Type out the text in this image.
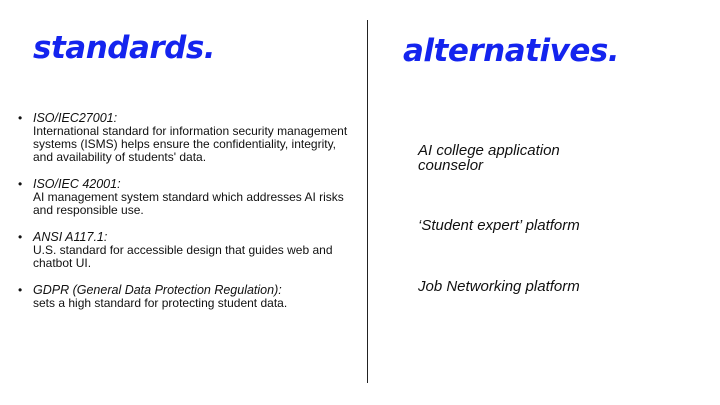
standards.	alternatives.
• ISO/IEC27001:
International standard for information security management systems (ISMS) helps ensure the confidentiality, integrity, and availability of students' data.
• ISO/IEC 42001:
AI management system standard which addresses AI risks and responsible use.
• ANSI A117.1:
U.S. standard for accessible design that guides web and chatbot UI.
• GDPR (General Data Protection Regulation):
sets a high standard for protecting student data.
AI college application counselor
‘Student expert’ platform
Job Networking platform
